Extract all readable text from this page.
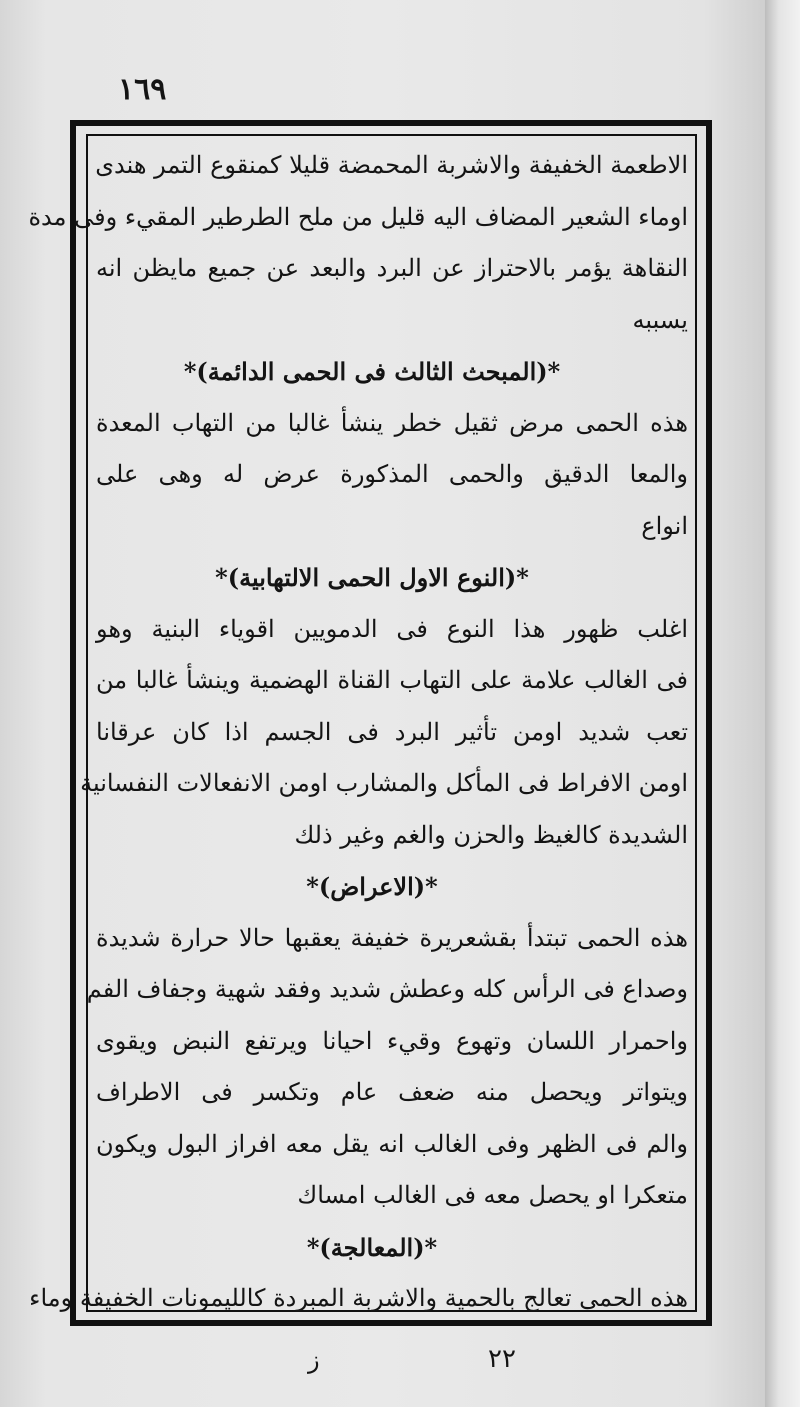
١٦٩
الاطعمة الخفيفة والاشربة المحمضة قليلا كمنقوع التمر هندى
اوماء الشعير المضاف اليه قليل من ملح الطرطير المقيء وفى مدة
النقاهة يؤمر بالاحتراز عن البرد والبعد عن جميع مايظن انه
يسببه
*(المبحث الثالث فى الحمى الدائمة)*
هذه الحمى مرض ثقيل خطر ينشأ غالبا من التهاب المعدة
والمعا الدقيق والحمى المذكورة عرض له وهى على
انواع
*(النوع الاول الحمى الالتهابية)*
اغلب ظهور هذا النوع فى الدمويين اقوياء البنية وهو
فى الغالب علامة على التهاب القناة الهضمية وينشأ غالبا من
تعب شديد اومن تأثير البرد فى الجسم اذا كان عرقانا
اومن الافراط فى المأكل والمشارب اومن الانفعالات النفسانية
الشديدة كالغيظ والحزن والغم وغير ذلك
*(الاعراض)*
هذه الحمى تبتدأ بقشعريرة خفيفة يعقبها حالا حرارة شديدة
وصداع فى الرأس كله وعطش شديد وفقد شهية وجفاف الفم
واحمرار اللسان وتهوع وقيء احيانا ويرتفع النبض ويقوى
ويتواتر ويحصل منه ضعف عام وتكسر فى الاطراف
والم فى الظهر وفى الغالب انه يقل معه افراز البول ويكون
متعكرا او يحصل معه فى الغالب امساك
*(المعالجة)*
هذه الحمى تعالج بالحمية والاشربة المبردة كالليمونات الخفيفة وماء
ز	٢٢
